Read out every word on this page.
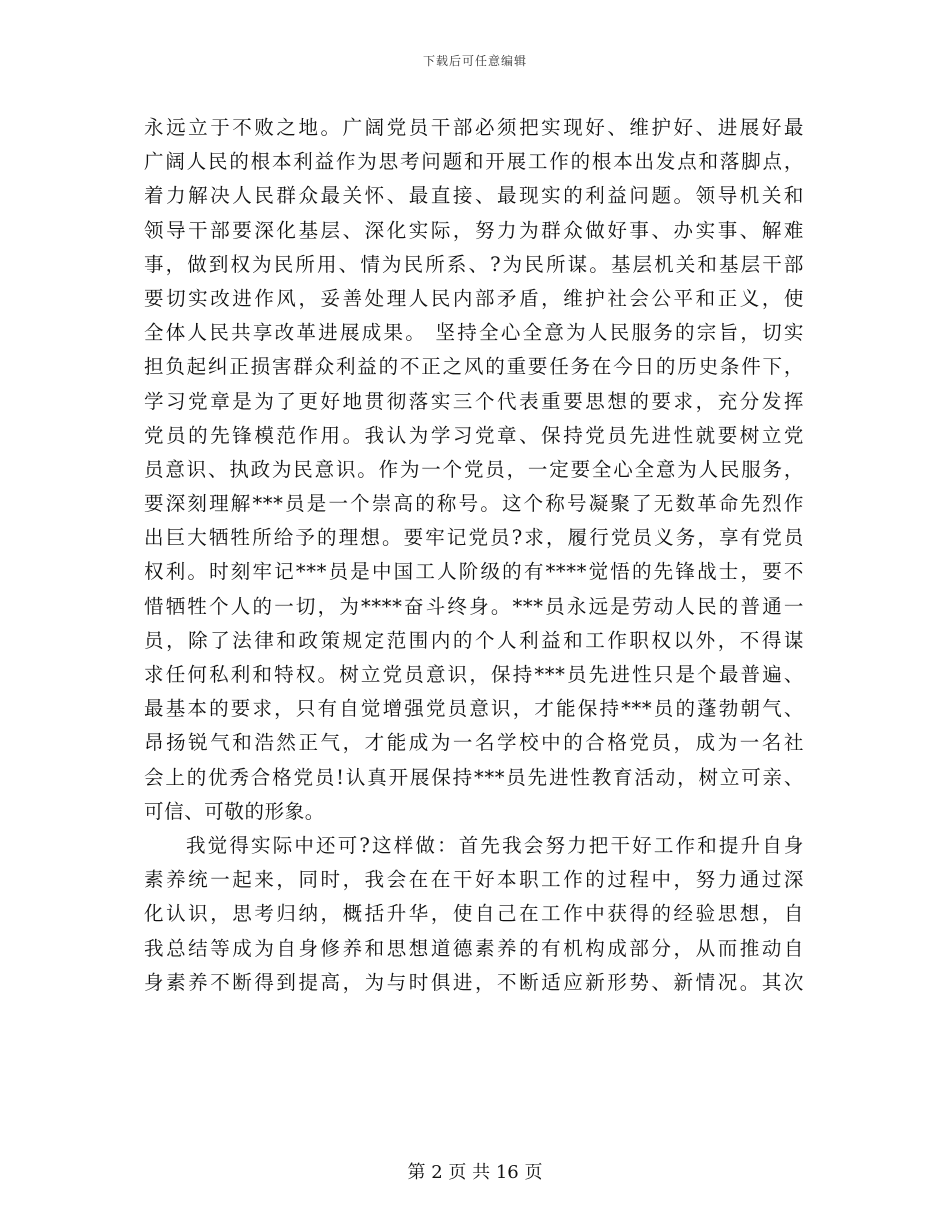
下载后可任意编辑
永远立于不败之地。广阔党员干部必须把实现好、维护好、进展好最
广阔人民的根本利益作为思考问题和开展工作的根本出发点和落脚点，
着力解决人民群众最关怀、最直接、最现实的利益问题。领导机关和
领导干部要深化基层、深化实际，努力为群众做好事、办实事、解难
事，做到权为民所用、情为民所系、?为民所谋。基层机关和基层干部
要切实改进作风，妥善处理人民内部矛盾，维护社会公平和正义，使
全体人民共享改革进展成果。 坚持全心全意为人民服务的宗旨，切实
担负起纠正损害群众利益的不正之风的重要任务在今日的历史条件下，
学习党章是为了更好地贯彻落实三个代表重要思想的要求，充分发挥
党员的先锋模范作用。我认为学习党章、保持党员先进性就要树立党
员意识、执政为民意识。作为一个党员，一定要全心全意为人民服务，
要深刻理解***员是一个崇高的称号。这个称号凝聚了无数革命先烈作
出巨大牺牲所给予的理想。要牢记党员?求，履行党员义务，享有党员
权利。时刻牢记***员是中国工人阶级的有****觉悟的先锋战士，要不
惜牺牲个人的一切，为****奋斗终身。***员永远是劳动人民的普通一
员，除了法律和政策规定范围内的个人利益和工作职权以外，不得谋
求任何私利和特权。树立党员意识，保持***员先进性只是个最普遍、
最基本的要求，只有自觉增强党员意识，才能保持***员的蓬勃朝气、
昂扬锐气和浩然正气，才能成为一名学校中的合格党员，成为一名社
会上的优秀合格党员!认真开展保持***员先进性教育活动，树立可亲、
可信、可敬的形象。
我觉得实际中还可?这样做：首先我会努力把干好工作和提升自身
素养统一起来，同时，我会在在干好本职工作的过程中，努力通过深
化认识，思考归纳，概括升华，使自己在工作中获得的经验思想，自
我总结等成为自身修养和思想道德素养的有机构成部分，从而推动自
身素养不断得到提高，为与时俱进，不断适应新形势、新情况。其次
第 2 页 共 16 页
